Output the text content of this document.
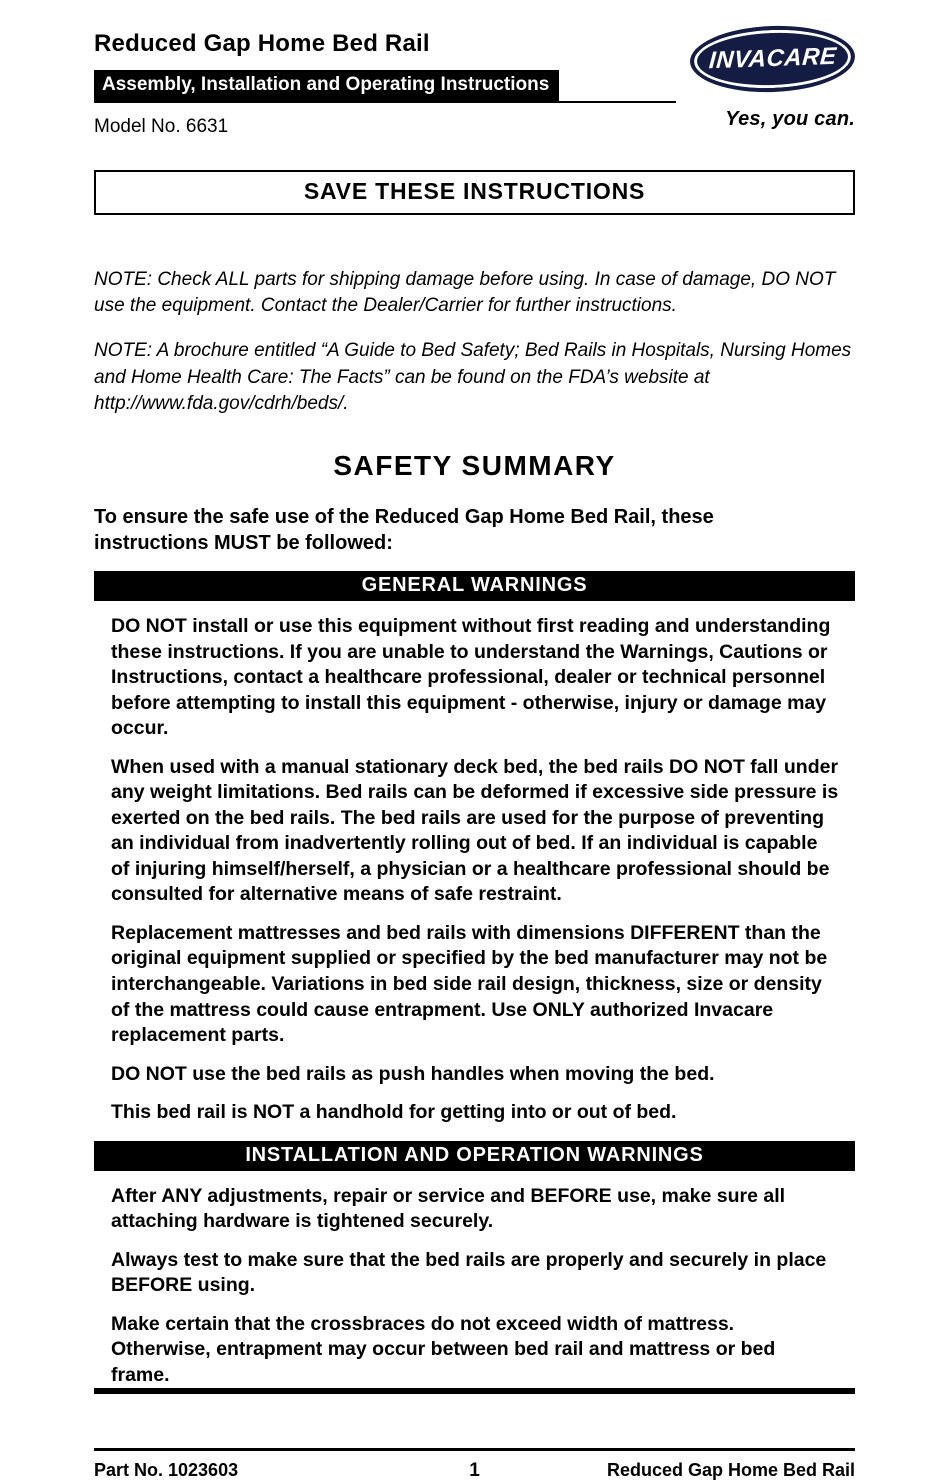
Reduced Gap Home Bed Rail
Assembly, Installation and Operating Instructions
Model No. 6631
INVACARE
Yes, you can.
SAVE THESE INSTRUCTIONS

NOTE: Check ALL parts for shipping damage before using. In case of damage, DO NOT use the equipment. Contact the Dealer/Carrier for further instructions.

NOTE: A brochure entitled “A Guide to Bed Safety; Bed Rails in Hospitals, Nursing Homes and Home Health Care: The Facts” can be found on the FDA’s website at http://www.fda.gov/cdrh/beds/.

SAFETY SUMMARY

To ensure the safe use of the Reduced Gap Home Bed Rail, these instructions MUST be followed:

GENERAL WARNINGS

DO NOT install or use this equipment without first reading and understanding these instructions. If you are unable to understand the Warnings, Cautions or Instructions, contact a healthcare professional, dealer or technical personnel before attempting to install this equipment - otherwise, injury or damage may occur.

When used with a manual stationary deck bed, the bed rails DO NOT fall under any weight limitations. Bed rails can be deformed if excessive side pressure is exerted on the bed rails. The bed rails are used for the purpose of preventing an individual from inadvertently rolling out of bed. If an individual is capable of injuring himself/herself, a physician or a healthcare professional should be consulted for alternative means of safe restraint.

Replacement mattresses and bed rails with dimensions DIFFERENT than the original equipment supplied or specified by the bed manufacturer may not be interchangeable. Variations in bed side rail design, thickness, size or density of the mattress could cause entrapment. Use ONLY authorized Invacare replacement parts.

DO NOT use the bed rails as push handles when moving the bed.

This bed rail is NOT a handhold for getting into or out of bed.

INSTALLATION AND OPERATION WARNINGS

After ANY adjustments, repair or service and BEFORE use, make sure all attaching hardware is tightened securely.

Always test to make sure that the bed rails are properly and securely in place BEFORE using.

Make certain that the crossbraces do not exceed width of mattress. Otherwise, entrapment may occur between bed rail and mattress or bed frame.

Part No. 1023603	1	Reduced Gap Home Bed Rail
